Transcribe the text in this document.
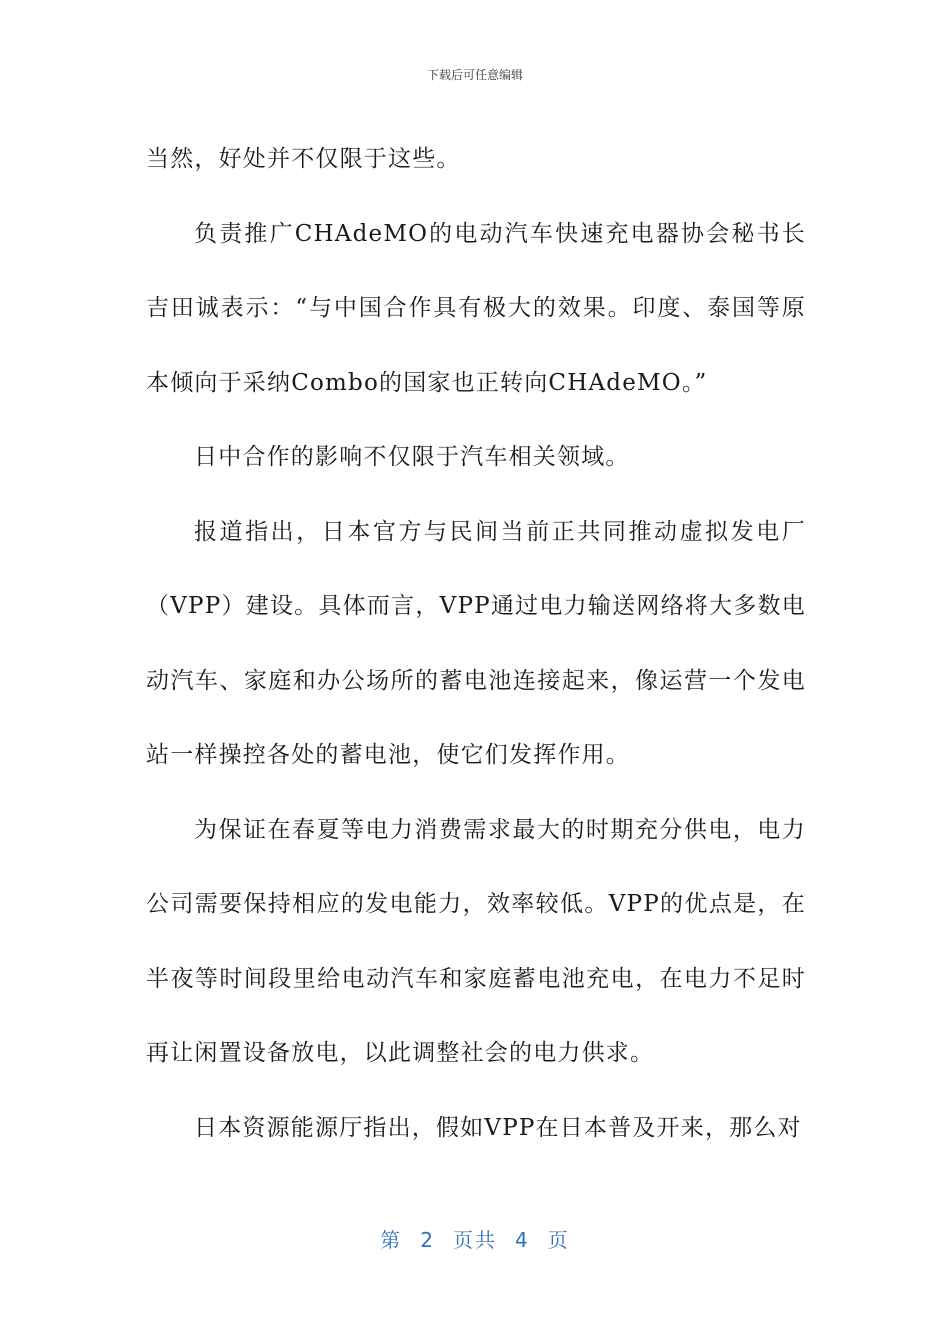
下载后可任意编辑

当然，好处并不仅限于这些。

负责推广CHAdeMO的电动汽车快速充电器协会秘书长吉田诚表示：“与中国合作具有极大的效果。印度、泰国等原本倾向于采纳Combo的国家也正转向CHAdeMO。”

日中合作的影响不仅限于汽车相关领域。

报道指出，日本官方与民间当前正共同推动虚拟发电厂（VPP）建设。具体而言，VPP通过电力输送网络将大多数电动汽车、家庭和办公场所的蓄电池连接起来，像运营一个发电站一样操控各处的蓄电池，使它们发挥作用。

为保证在春夏等电力消费需求最大的时期充分供电，电力公司需要保持相应的发电能力，效率较低。VPP的优点是，在半夜等时间段里给电动汽车和家庭蓄电池充电，在电力不足时再让闲置设备放电，以此调整社会的电力供求。

日本资源能源厅指出，假如VPP在日本普及开来，那么对

第 2 页共 4 页
